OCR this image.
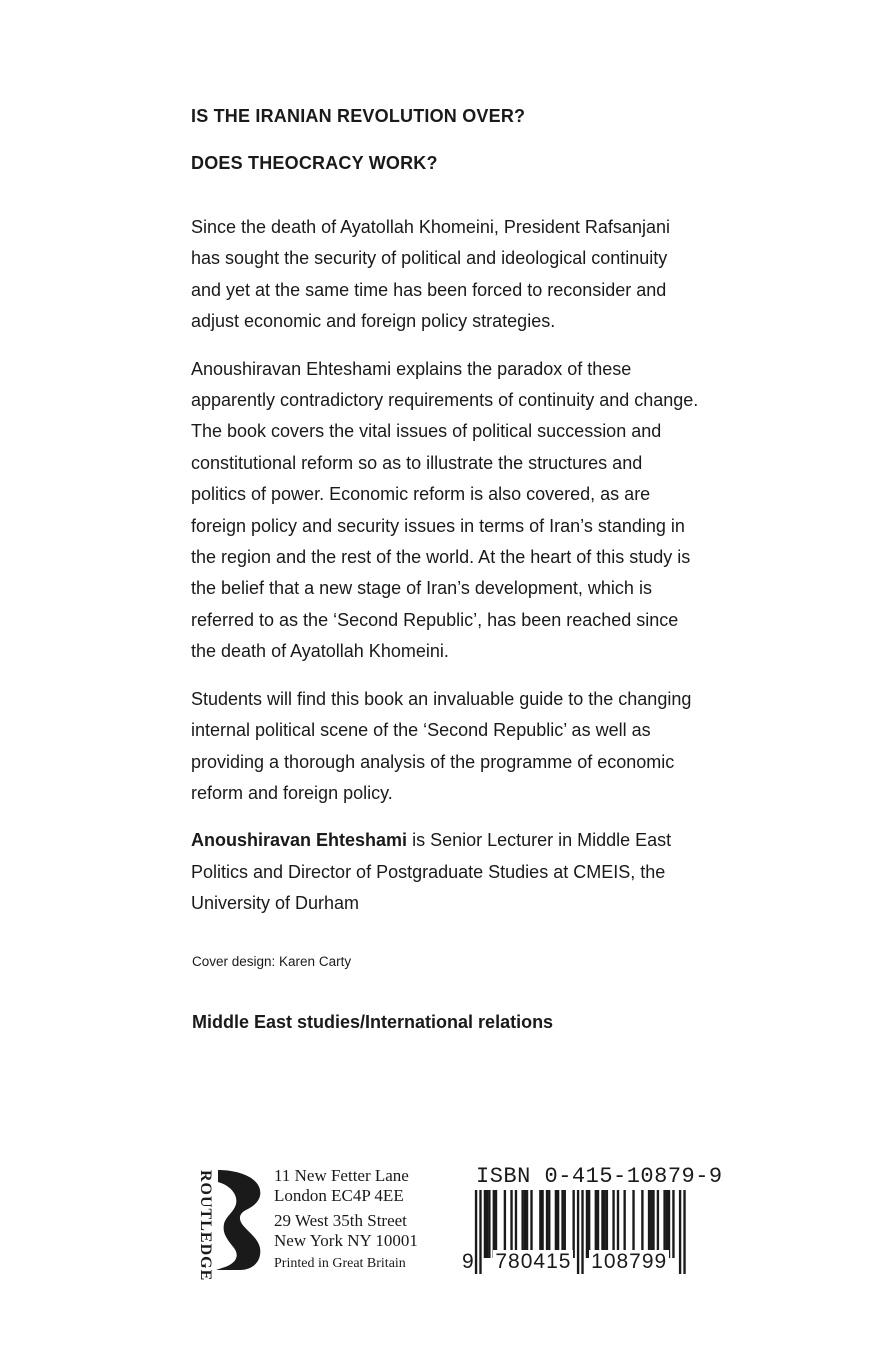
IS THE IRANIAN REVOLUTION OVER?
DOES THEOCRACY WORK?

Since the death of Ayatollah Khomeini, President Rafsanjani has sought the security of political and ideological continuity and yet at the same time has been forced to reconsider and adjust economic and foreign policy strategies.

Anoushiravan Ehteshami explains the paradox of these apparently contradictory requirements of continuity and change. The book covers the vital issues of political succession and constitutional reform so as to illustrate the structures and politics of power. Economic reform is also covered, as are foreign policy and security issues in terms of Iran’s standing in the region and the rest of the world. At the heart of this study is the belief that a new stage of Iran’s development, which is referred to as the ‘Second Republic’, has been reached since the death of Ayatollah Khomeini.

Students will find this book an invaluable guide to the changing internal political scene of the ‘Second Republic’ as well as providing a thorough analysis of the programme of economic reform and foreign policy.

Anoushiravan Ehteshami is Senior Lecturer in Middle East Politics and Director of Postgraduate Studies at CMEIS, the University of Durham

Cover design: Karen Carty
Middle East studies/International relations
ROUTLEDGE	11 New Fetter Lane
London EC4P 4EE
29 West 35th Street
New York NY 10001
Printed in Great Britain
ISBN 0-415-10879-9
9 780415 108799
